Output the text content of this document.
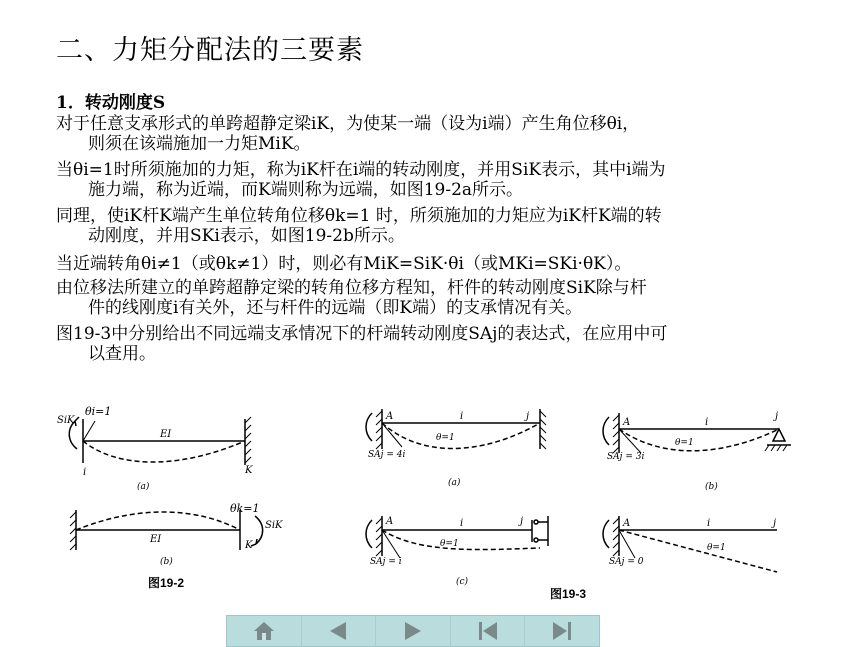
二、力矩分配法的三要素
1．转动刚度S
对于任意支承形式的单跨超静定梁iK，为使某一端（设为i端）产生角位移θi，
则须在该端施加一力矩MiK。
当θi=1时所须施加的力矩，称为iK杆在i端的转动刚度，并用SiK表示，其中i端为
施力端，称为近端，而K端则称为远端，如图19-2a所示。
同理，使iK杆K端产生单位转角位移θk=1 时，所须施加的力矩应为iK杆K端的转
动刚度，并用SKi表示，如图19-2b所示。
当近端转角θi≠1（或θk≠1）时，则必有MiK=SiK·θi（或MKi=SKi·θK）。
由位移法所建立的单跨超静定梁的转角位移方程知，杆件的转动刚度SiK除与杆
件的线刚度i有关外，还与杆件的远端（即K端）的支承情况有关。
图19-3中分别给出不同远端支承情况下的杆端转动刚度SAj的表达式，在应用中可
以查用。
SiK
θi=1
EI
i	K
(a)
θk=1
SiK
EI
K
(b)
图19-2
A	j
i
θ=1
SAj = 4i
(a)
A
j
i
θ=1
SAj = 3i
(b)
A	j
i
θ=1
SAj = i
(c)
图19-3
A	j
i
θ=1
SAj = 0
